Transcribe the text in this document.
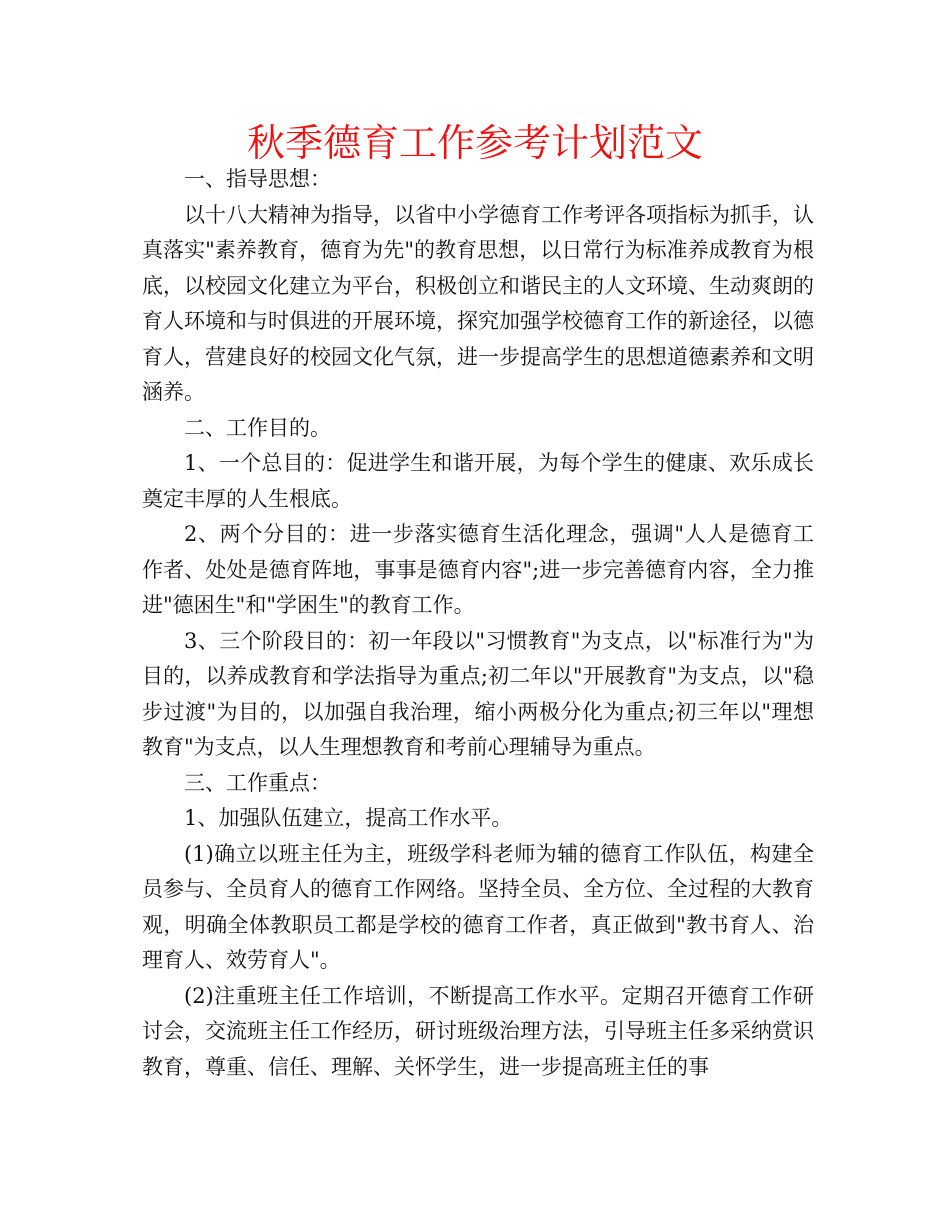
秋季德育工作参考计划范文

一、指导思想：

以十八大精神为指导，以省中小学德育工作考评各项指标为抓手，认真落实"素养教育，德育为先"的教育思想，以日常行为标准养成教育为根底，以校园文化建立为平台，积极创立和谐民主的人文环境、生动爽朗的育人环境和与时俱进的开展环境，探究加强学校德育工作的新途径，以德育人，营建良好的校园文化气氛，进一步提高学生的思想道德素养和文明涵养。

二、工作目的。

1、一个总目的：促进学生和谐开展，为每个学生的健康、欢乐成长奠定丰厚的人生根底。

2、两个分目的：进一步落实德育生活化理念，强调"人人是德育工作者、处处是德育阵地，事事是德育内容";进一步完善德育内容，全力推进"德困生"和"学困生"的教育工作。

3、三个阶段目的：初一年段以"习惯教育"为支点，以"标准行为"为目的，以养成教育和学法指导为重点;初二年以"开展教育"为支点，以"稳步过渡"为目的，以加强自我治理，缩小两极分化为重点;初三年以"理想教育"为支点，以人生理想教育和考前心理辅导为重点。

三、工作重点：

1、加强队伍建立，提高工作水平。

(1)确立以班主任为主，班级学科老师为辅的德育工作队伍，构建全员参与、全员育人的德育工作网络。坚持全员、全方位、全过程的大教育观，明确全体教职员工都是学校的德育工作者，真正做到"教书育人、治理育人、效劳育人"。

(2)注重班主任工作培训，不断提高工作水平。定期召开德育工作研讨会，交流班主任工作经历，研讨班级治理方法，引导班主任多采纳赏识教育，尊重、信任、理解、关怀学生，进一步提高班主任的事
